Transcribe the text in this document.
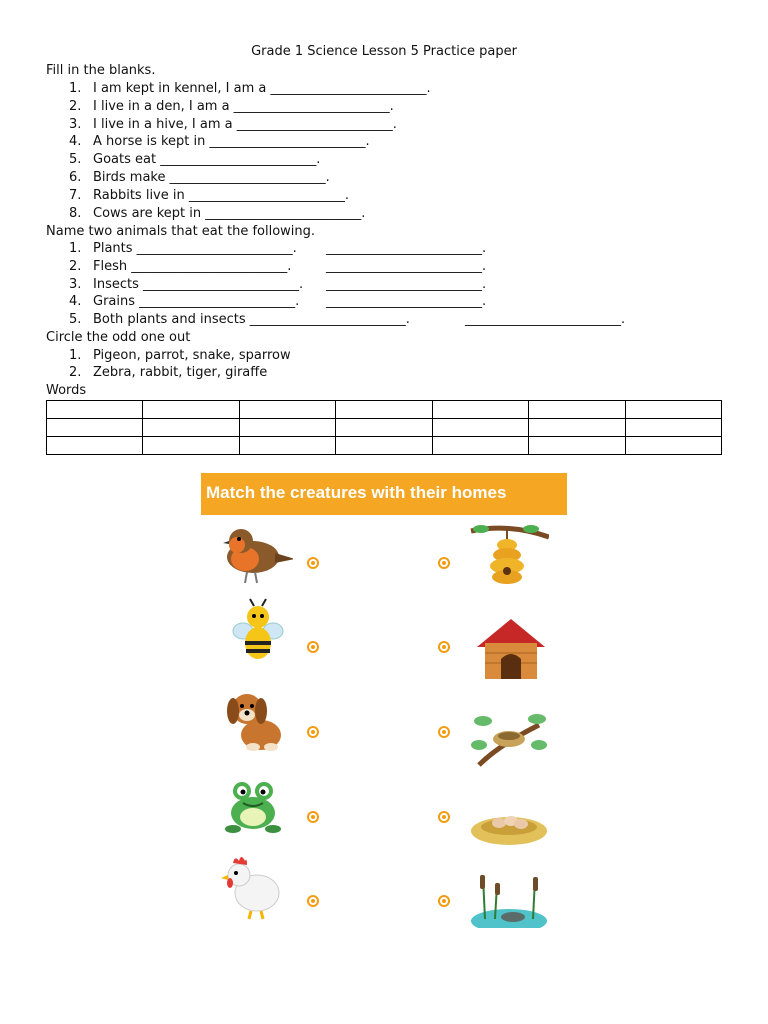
Grade 1 Science Lesson 5 Practice paper
Fill in the blanks.
1. I am kept in kennel, I am a ________________________.
2. I live in a den, I am a ________________________.
3. I live in a hive, I am a ________________________.
4. A horse is kept in ________________________.
5. Goats eat ________________________.
6. Birds make ________________________.
7. Rabbits live in ________________________.
8. Cows are kept in ________________________.
Name two animals that eat the following.
1. Plants ________________________. ________________________.
2. Flesh ________________________.	________________________.
3. Insects ________________________. ________________________.
4. Grains ________________________. ________________________.
5. Both plants and insects ________________________.	________________________.
Circle the odd one out
1. Pigeon, parrot, snake, sparrow
2. Zebra, rabbit, tiger, giraffe
Words

Match the creatures with their homes
